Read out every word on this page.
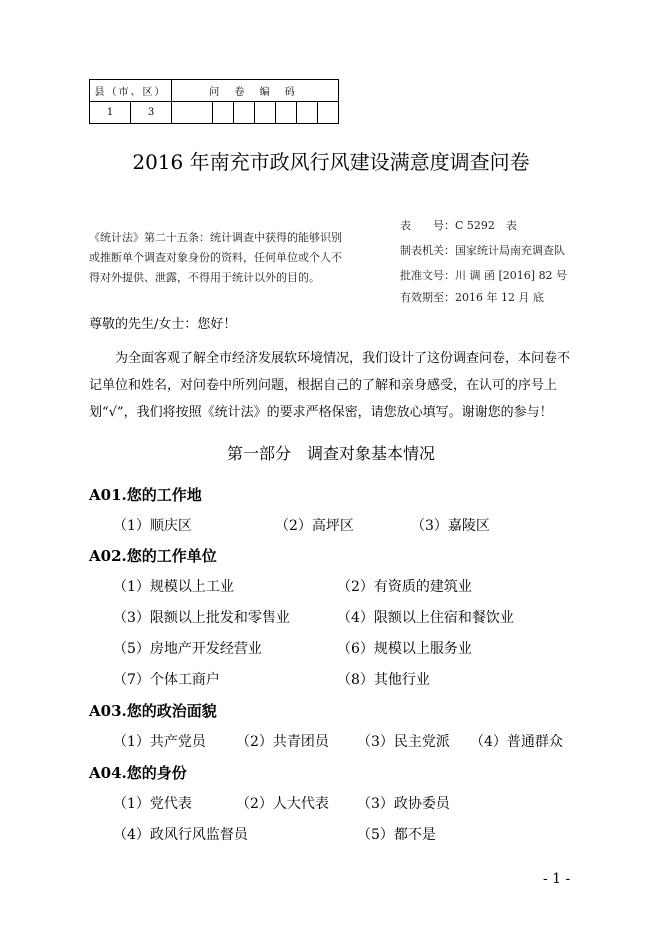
县（市、区）		问 卷 编 码						
1	3							
2016 年南充市政风行风建设满意度调查问卷
《统计法》第二十五条：统计调查中获得的能够识别或推断单个调查对象身份的资料，任何单位或个人不得对外提供、泄露，不得用于统计以外的目的。
表　　号：C 5292　表
制表机关：国家统计局南充调查队
批准文号：川 调 函 [2016] 82 号
有效期至：2016 年 12 月 底
尊敬的先生/女士：您好！
为全面客观了解全市经济发展软环境情况，我们设计了这份调查问卷，本问卷不记单位和姓名，对问卷中所列问题，根据自己的了解和亲身感受，在认可的序号上划“√”，我们将按照《统计法》的要求严格保密，请您放心填写。谢谢您的参与！
第一部分　调查对象基本情况
A01.您的工作地
（1）顺庆区	（2）高坪区	（3）嘉陵区
A02.您的工作单位
（1）规模以上工业	（2）有资质的建筑业
（3）限额以上批发和零售业	（4）限额以上住宿和餐饮业
（5）房地产开发经营业	（6）规模以上服务业
（7）个体工商户	（8）其他行业
A03.您的政治面貌
（1）共产党员 （2）共青团员 （3）民主党派 （4）普通群众
A04.您的身份
（1）党代表	（2）人大代表 （3）政协委员
（4）政风行风监督员	（5）都不是
- 1 -
